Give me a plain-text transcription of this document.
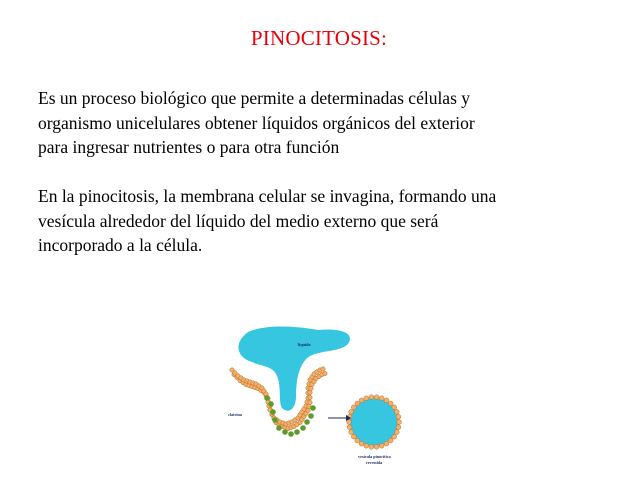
PINOCITOSIS:
Es un proceso biológico que permite a determinadas células y
organismo unicelulares obtener líquidos orgánicos del exterior
para ingresar nutrientes o para otra función
En la pinocitosis, la membrana celular se invagina, formando una
vesícula alrededor del líquido del medio externo que será
incorporado a la célula.
liquido
clatrina
vesícula pinocítica
revestida
